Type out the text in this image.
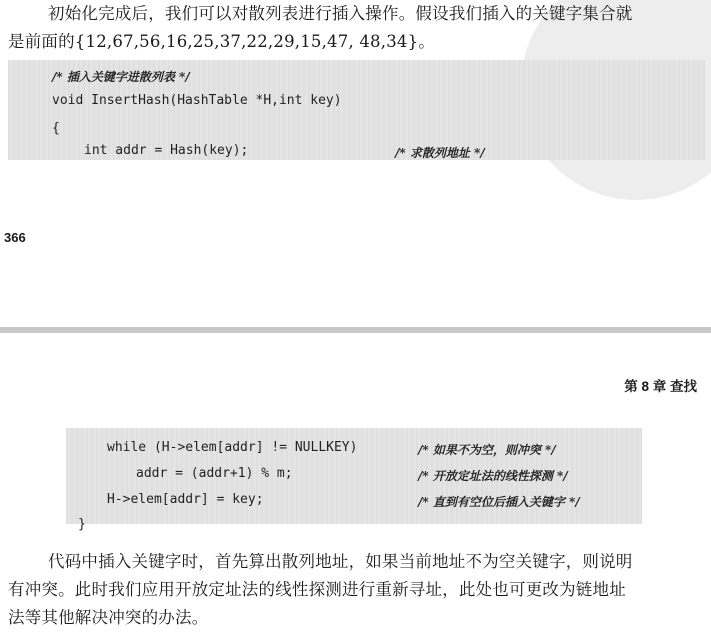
初始化完成后，我们可以对散列表进行插入操作。假设我们插入的关键字集合就
是前面的{12,67,56,16,25,37,22,29,15,47, 48,34}。
/* 插入关键字进散列表 */
void InsertHash(HashTable *H,int key)
{
int addr = Hash(key);	/* 求散列地址 */
366
第 8 章 查找
while (H->elem[addr] != NULLKEY)	/* 如果不为空，则冲突 */
addr = (addr+1) % m;	/* 开放定址法的线性探测 */
H->elem[addr] = key;	/* 直到有空位后插入关键字 */
}
代码中插入关键字时，首先算出散列地址，如果当前地址不为空关键字，则说明
有冲突。此时我们应用开放定址法的线性探测进行重新寻址，此处也可更改为链地址
法等其他解决冲突的办法。
